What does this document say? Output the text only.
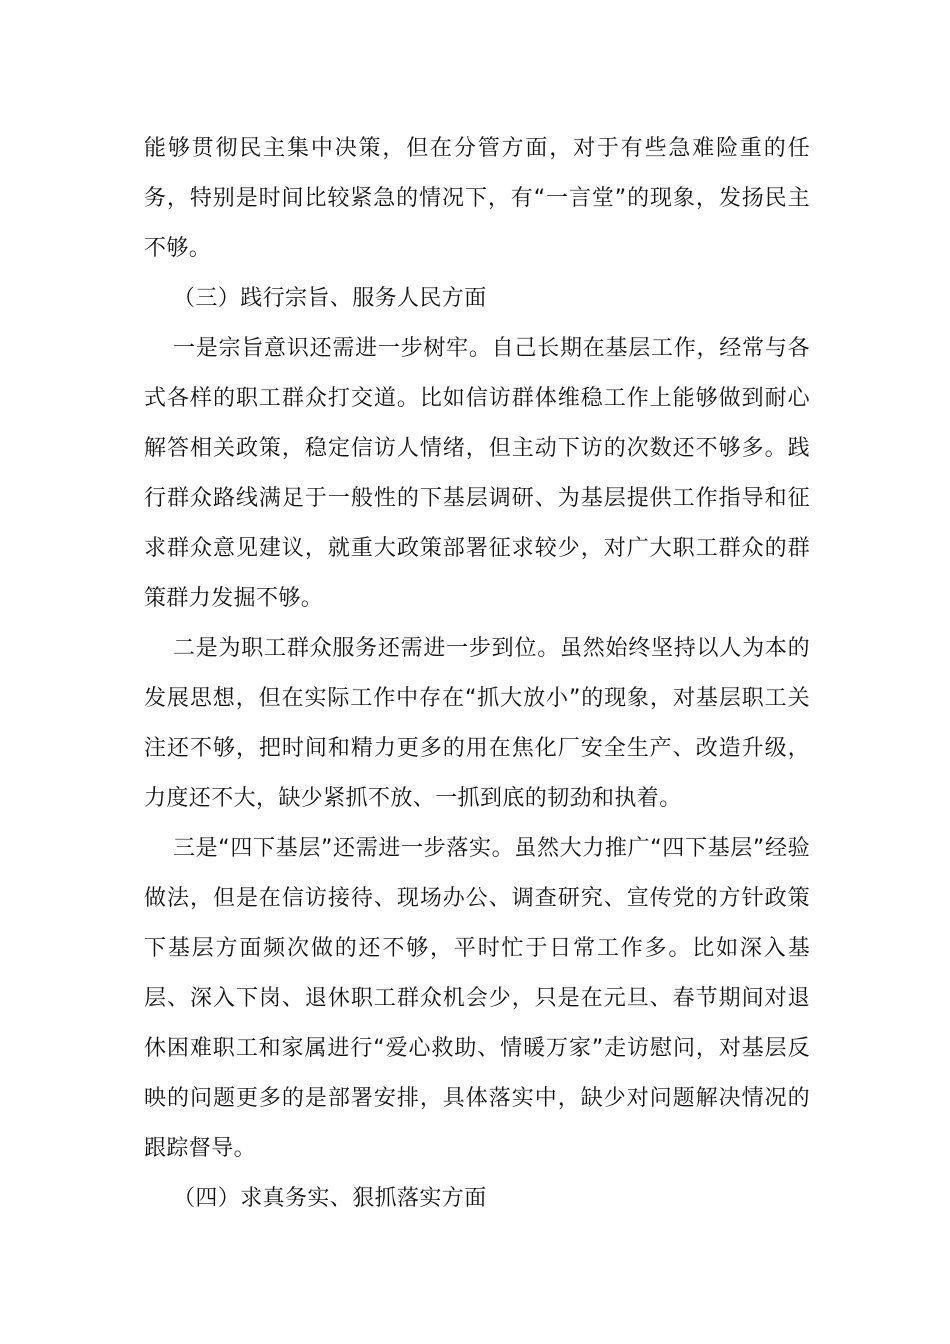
能够贯彻民主集中决策，但在分管方面，对于有些急难险重的任务，特别是时间比较紧急的情况下，有“一言堂”的现象，发扬民主不够。

（三）践行宗旨、服务人民方面

一是宗旨意识还需进一步树牢。自己长期在基层工作，经常与各式各样的职工群众打交道。比如信访群体维稳工作上能够做到耐心解答相关政策，稳定信访人情绪，但主动下访的次数还不够多。践行群众路线满足于一般性的下基层调研、为基层提供工作指导和征求群众意见建议，就重大政策部署征求较少，对广大职工群众的群策群力发掘不够。

二是为职工群众服务还需进一步到位。虽然始终坚持以人为本的发展思想，但在实际工作中存在“抓大放小”的现象，对基层职工关注还不够，把时间和精力更多的用在焦化厂安全生产、改造升级，力度还不大，缺少紧抓不放、一抓到底的韧劲和执着。

三是“四下基层”还需进一步落实。虽然大力推广“四下基层”经验做法，但是在信访接待、现场办公、调查研究、宣传党的方针政策下基层方面频次做的还不够，平时忙于日常工作多。比如深入基层、深入下岗、退休职工群众机会少，只是在元旦、春节期间对退休困难职工和家属进行“爱心救助、情暖万家”走访慰问，对基层反映的问题更多的是部署安排，具体落实中，缺少对问题解决情况的跟踪督导。

（四）求真务实、狠抓落实方面
